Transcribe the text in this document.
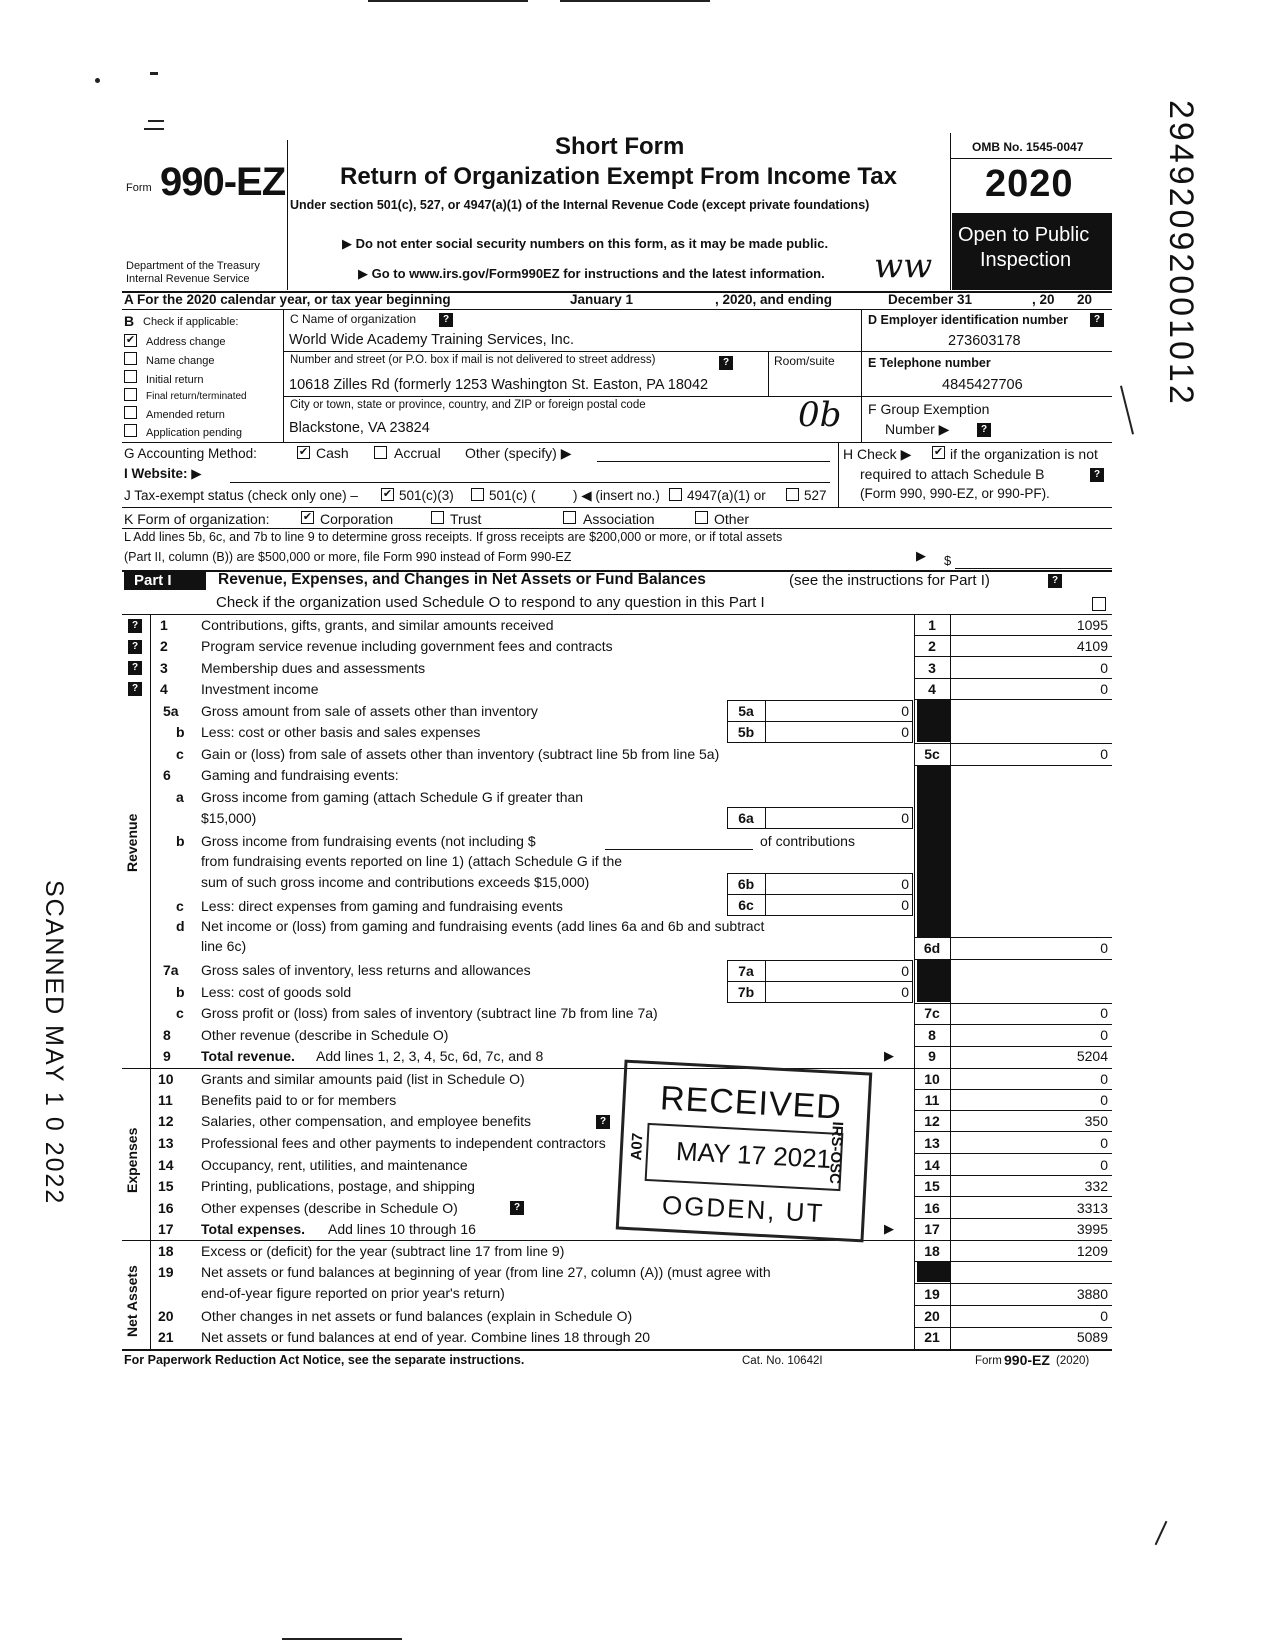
Form 990-EZ
Department of the Treasury
Internal Revenue Service
Short Form
Return of Organization Exempt From Income Tax
Under section 501(c), 527, or 4947(a)(1) of the Internal Revenue Code (except private foundations)
▶ Do not enter social security numbers on this form, as it may be made public.
▶ Go to www.irs.gov/Form990EZ for instructions and the latest information.
OMB No. 1545-0047
2020
Open to Public
Inspection
A For the 2020 calendar year, or tax year beginning	January 1	, 2020, and ending	December 31	, 20 20
B Check if applicable:
✔ Address change
Name change
Initial return
Final return/terminated
Amended return
Application pending
C Name of organization	?
World Wide Academy Training Services, Inc.
Number and street (or P.O. box if mail is not delivered to street address)	?	Room/suite
10618 Zilles Rd (formerly 1253 Washington St. Easton, PA 18042
City or town, state or province, country, and ZIP or foreign postal code
Blackstone, VA 23824	0b
D Employer identification number	?
273603178
E Telephone number
4845427706
F Group Exemption
Number ▶	?
G Accounting Method:	✔ Cash	Accrual Other (specify) ▶	H Check ▶ ✔ if the organization is not
required to attach Schedule B	?
(Form 990, 990-EZ, or 990-PF).
I Website: ▶
J Tax-exempt status (check only one) – ✔ 501(c)(3)	501(c) (	) ◀ (insert no.) 4947(a)(1) or	527
K Form of organization:	✔ Corporation	Trust	Association	Other
L Add lines 5b, 6c, and 7b to line 9 to determine gross receipts. If gross receipts are $200,000 or more, or if total assets
(Part II, column (B)) are $500,000 or more, file Form 990 instead of Form 990-EZ	▶ $
Part I	Revenue, Expenses, and Changes in Net Assets or Fund Balances	(see the instructions for Part I)	?
Check if the organization used Schedule O to respond to any question in this Part I
Revenue
Expenses
Net Assets
?
?
?
?
1 Contributions, gifts, grants, and similar amounts received	1	1095
2 Program service revenue including government fees and contracts	2	4109
3 Membership dues and assessments	3	0
4 Investment income	4	0
5a Gross amount from sale of assets other than inventory	5a	0
b Less: cost or other basis and sales expenses	5b	0
c Gain or (loss) from sale of assets other than inventory (subtract line 5b from line 5a)	5c	0
6 Gaming and fundraising events:
a Gross income from gaming (attach Schedule G if greater than
$15,000)	6a	0
b Gross income from fundraising events (not including $	of contributions
from fundraising events reported on line 1) (attach Schedule G if the
sum of such gross income and contributions exceeds $15,000)	6b	0
c Less: direct expenses from gaming and fundraising events	6c	0
d Net income or (loss) from gaming and fundraising events (add lines 6a and 6b and subtract
line 6c)	6d	0
7a Gross sales of inventory, less returns and allowances	7a	0
b Less: cost of goods sold	7b	0
c Gross profit or (loss) from sales of inventory (subtract line 7b from line 7a)	7c	0
8 Other revenue (describe in Schedule O)	8	0
9 Total revenue. Add lines 1, 2, 3, 4, 5c, 6d, 7c, and 8	▶	9	5204
10 Grants and similar amounts paid (list in Schedule O)	10	0
11 Benefits paid to or for members	11	0
12 Salaries, other compensation, and employee benefits	?	12	350
13 Professional fees and other payments to independent contractors	13	0
14 Occupancy, rent, utilities, and maintenance	14	0
15 Printing, publications, postage, and shipping	15	332
16 Other expenses (describe in Schedule O)	?	16	3313
17 Total expenses. Add lines 10 through 16	▶	17	3995
18 Excess or (deficit) for the year (subtract line 17 from line 9)	18	1209
19 Net assets or fund balances at beginning of year (from line 27, column (A)) (must agree with
end-of-year figure reported on prior year's return)	19	3880
20 Other changes in net assets or fund balances (explain in Schedule O)	20	0
21 Net assets or fund balances at end of year. Combine lines 18 through 20	21	5089
For Paperwork Reduction Act Notice, see the separate instructions.	Cat. No. 10642I	Form 990-EZ (2020)
RECEIVED
MAY 17 2021
OGDEN, UT
A07	IRS-OSC
SCANNED MAY 1 0 2022
29492092001012
ww
